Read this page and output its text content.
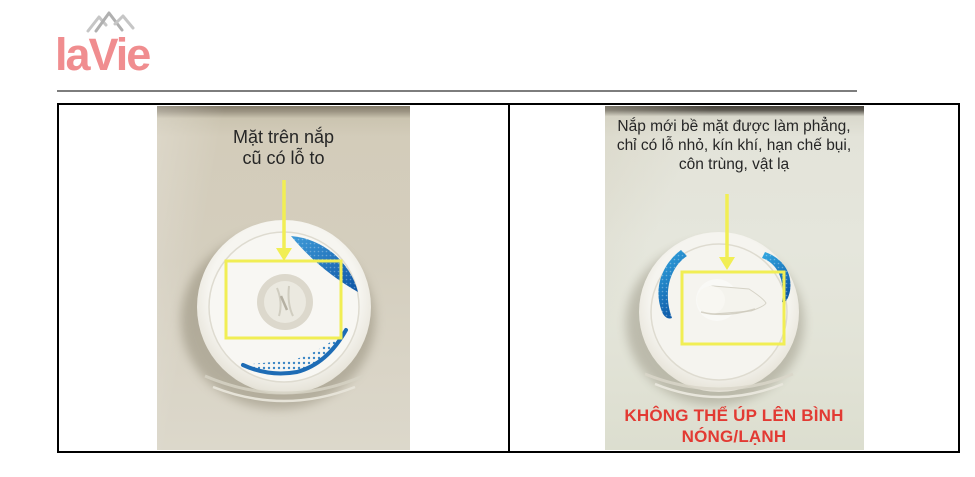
laVie
Mặt trên nắp
cũ có lỗ to
Nắp mới bề mặt được làm phẳng,
chỉ có lỗ nhỏ, kín khí, hạn chế bụi,
côn trùng, vật lạ
KHÔNG THỂ ÚP LÊN BÌNH
NÓNG/LẠNH
